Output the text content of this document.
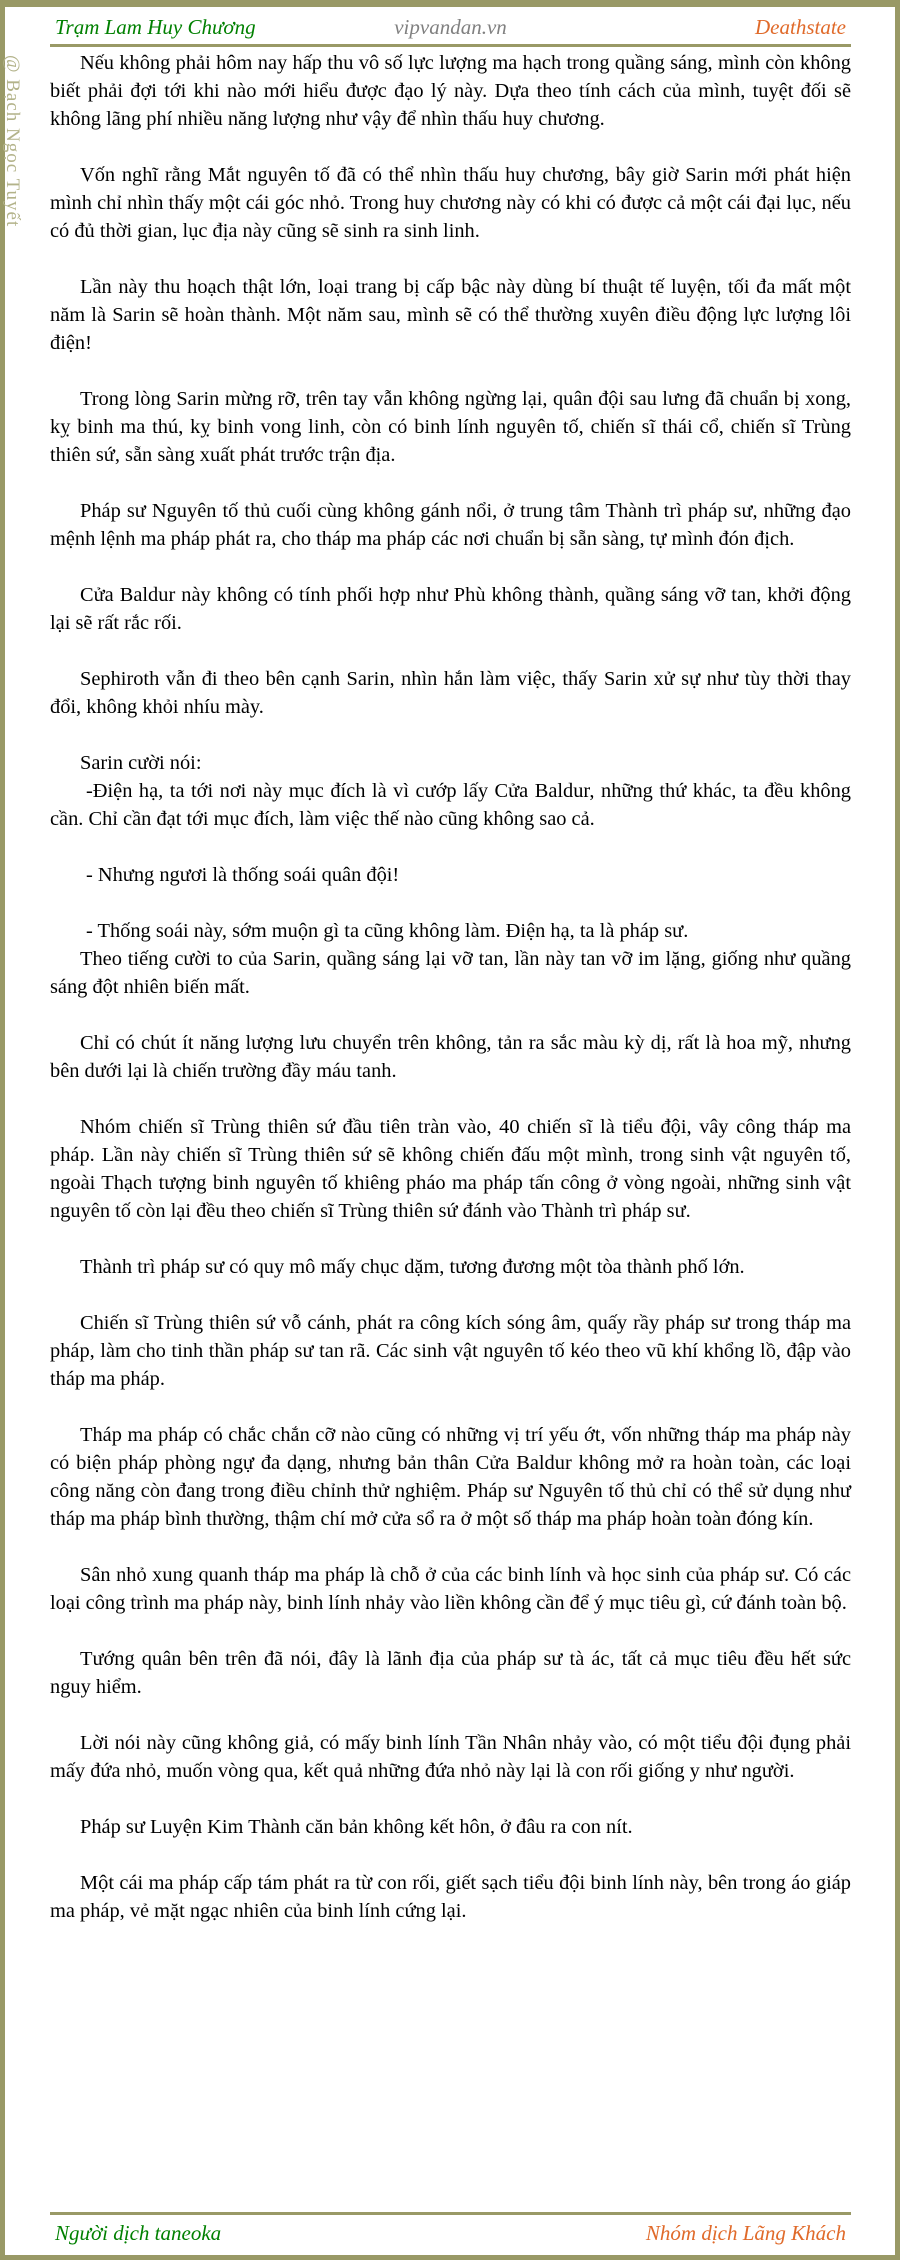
Trạm Lam Huy Chương	vipvandan.vn	Deathstate
@ Bạch Ngọc Tuyết	Nếu không phải hôm nay hấp thu vô số lực lượng ma hạch trong quầng sáng, mình còn không biết phải đợi tới khi nào mới hiểu được đạo lý này. Dựa theo tính cách của mình, tuyệt đối sẽ không lãng phí nhiều năng lượng như vậy để nhìn thấu huy chương.
Vốn nghĩ rằng Mắt nguyên tố đã có thể nhìn thấu huy chương, bây giờ Sarin mới phát hiện mình chỉ nhìn thấy một cái góc nhỏ. Trong huy chương này có khi có được cả một cái đại lục, nếu có đủ thời gian, lục địa này cũng sẽ sinh ra sinh linh.
Lần này thu hoạch thật lớn, loại trang bị cấp bậc này dùng bí thuật tế luyện, tối đa mất một năm là Sarin sẽ hoàn thành. Một năm sau, mình sẽ có thể thường xuyên điều động lực lượng lôi điện!
Trong lòng Sarin mừng rỡ, trên tay vẫn không ngừng lại, quân đội sau lưng đã chuẩn bị xong, kỵ binh ma thú, kỵ binh vong linh, còn có binh lính nguyên tố, chiến sĩ thái cổ, chiến sĩ Trùng thiên sứ, sẵn sàng xuất phát trước trận địa.
Pháp sư Nguyên tố thủ cuối cùng không gánh nổi, ở trung tâm Thành trì pháp sư, những đạo mệnh lệnh ma pháp phát ra, cho tháp ma pháp các nơi chuẩn bị sẵn sàng, tự mình đón địch.
Cửa Baldur này không có tính phối hợp như Phù không thành, quầng sáng vỡ tan, khởi động lại sẽ rất rắc rối.
Sephiroth vẫn đi theo bên cạnh Sarin, nhìn hắn làm việc, thấy Sarin xử sự như tùy thời thay đổi, không khỏi nhíu mày.
Sarin cười nói:
-Điện hạ, ta tới nơi này mục đích là vì cướp lấy Cửa Baldur, những thứ khác, ta đều không cần. Chỉ cần đạt tới mục đích, làm việc thế nào cũng không sao cả.
- Nhưng ngươi là thống soái quân đội!
- Thống soái này, sớm muộn gì ta cũng không làm. Điện hạ, ta là pháp sư.
Theo tiếng cười to của Sarin, quầng sáng lại vỡ tan, lần này tan vỡ im lặng, giống như quầng sáng đột nhiên biến mất.
Chỉ có chút ít năng lượng lưu chuyển trên không, tản ra sắc màu kỳ dị, rất là hoa mỹ, nhưng bên dưới lại là chiến trường đầy máu tanh.
Nhóm chiến sĩ Trùng thiên sứ đầu tiên tràn vào, 40 chiến sĩ là tiểu đội, vây công tháp ma pháp. Lần này chiến sĩ Trùng thiên sứ sẽ không chiến đấu một mình, trong sinh vật nguyên tố, ngoài Thạch tượng binh nguyên tố khiêng pháo ma pháp tấn công ở vòng ngoài, những sinh vật nguyên tố còn lại đều theo chiến sĩ Trùng thiên sứ đánh vào Thành trì pháp sư.
Thành trì pháp sư có quy mô mấy chục dặm, tương đương một tòa thành phố lớn.
Chiến sĩ Trùng thiên sứ vỗ cánh, phát ra công kích sóng âm, quấy rầy pháp sư trong tháp ma pháp, làm cho tinh thần pháp sư tan rã. Các sinh vật nguyên tố kéo theo vũ khí khổng lồ, đập vào tháp ma pháp.
Tháp ma pháp có chắc chắn cỡ nào cũng có những vị trí yếu ớt, vốn những tháp ma pháp này có biện pháp phòng ngự đa dạng, nhưng bản thân Cửa Baldur không mở ra hoàn toàn, các loại công năng còn đang trong điều chỉnh thử nghiệm. Pháp sư Nguyên tố thủ chỉ có thể sử dụng như tháp ma pháp bình thường, thậm chí mở cửa sổ ra ở một số tháp ma pháp hoàn toàn đóng kín.
Sân nhỏ xung quanh tháp ma pháp là chỗ ở của các binh lính và học sinh của pháp sư. Có các loại công trình ma pháp này, binh lính nhảy vào liền không cần để ý mục tiêu gì, cứ đánh toàn bộ.
Tướng quân bên trên đã nói, đây là lãnh địa của pháp sư tà ác, tất cả mục tiêu đều hết sức nguy hiểm.
Lời nói này cũng không giả, có mấy binh lính Tần Nhân nhảy vào, có một tiểu đội đụng phải mấy đứa nhỏ, muốn vòng qua, kết quả những đứa nhỏ này lại là con rối giống y như người.
Pháp sư Luyện Kim Thành căn bản không kết hôn, ở đâu ra con nít.
Một cái ma pháp cấp tám phát ra từ con rối, giết sạch tiểu đội binh lính này, bên trong áo giáp ma pháp, vẻ mặt ngạc nhiên của binh lính cứng lại.
Người dịch taneoka	Nhóm dịch Lãng Khách
